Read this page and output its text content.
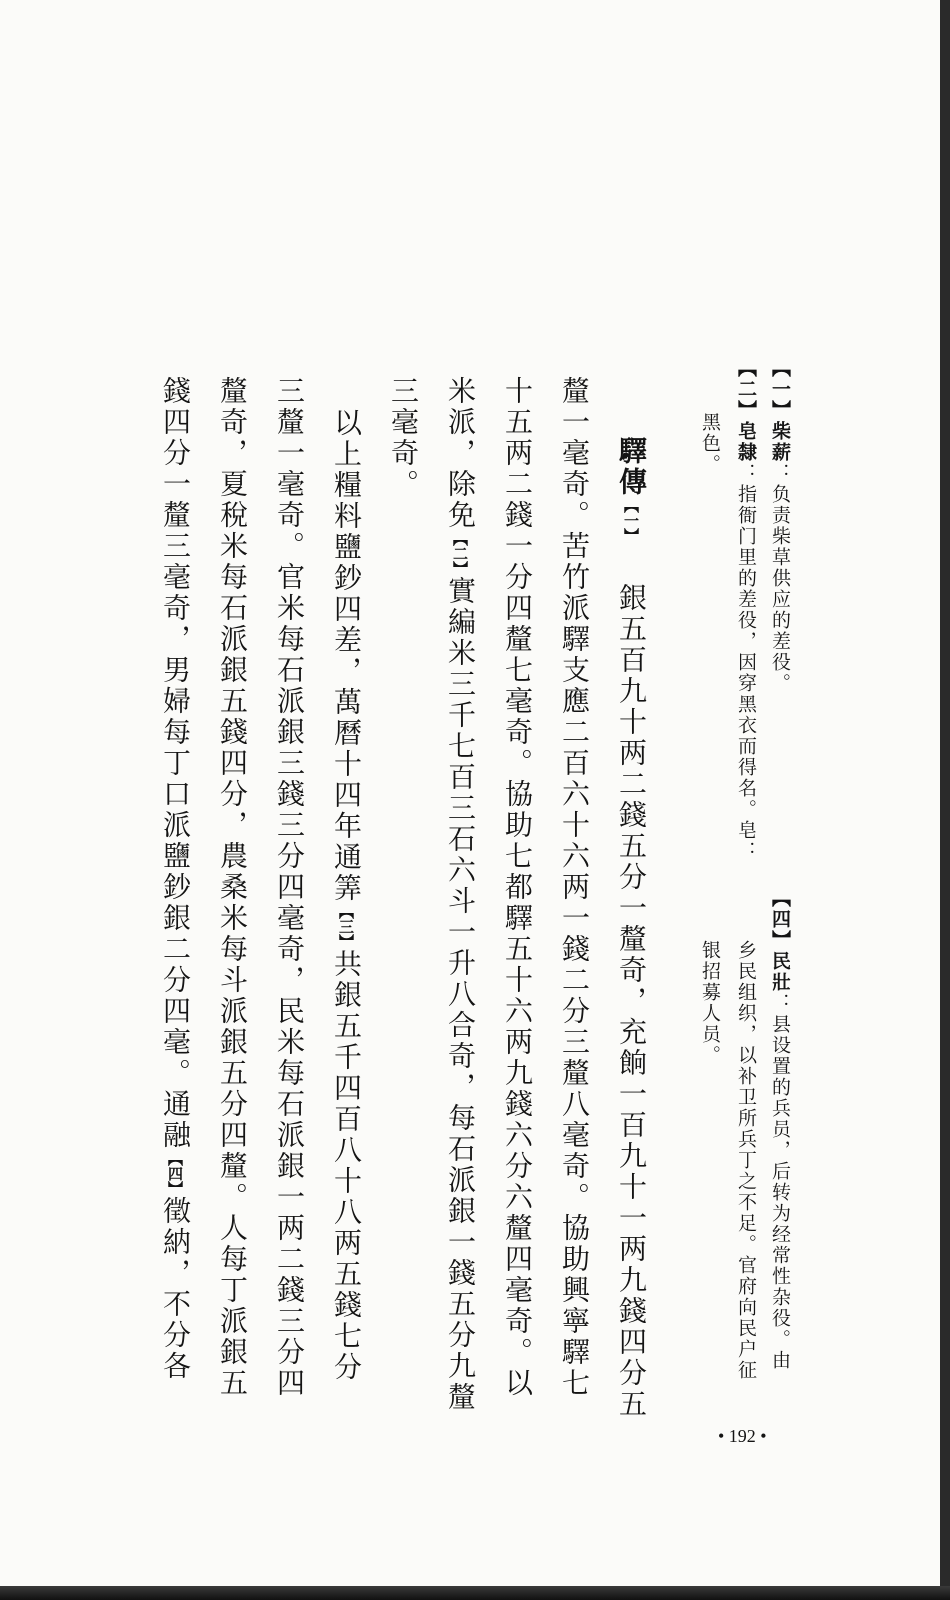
【一】柴薪：负责柴草供应的差役。
【二】皂隸：指衙门里的差役，因穿黑衣而得名。皂：
黑色。
【四】民壯：县设置的兵员，后转为经常性杂役。由
乡民组织，以补卫所兵丁之不足。官府向民户征
银招募人员。
驛傳【一】銀五百九十两二錢五分一釐奇，充餉一百九十一两九錢四分五
釐一毫奇。苦竹派驛支應二百六十六两一錢二分三釐八毫奇。協助興寧驛七
十五两二錢一分四釐七毫奇。協助七都驛五十六两九錢六分六釐四毫奇。以
米派，除免【二】實編米三千七百三石六斗一升八合奇，每石派銀一錢五分九釐
三毫奇。
以上糧料鹽鈔四差，萬曆十四年通筭【三】共銀五千四百八十八两五錢七分
三釐一毫奇。官米每石派銀三錢三分四毫奇，民米每石派銀一两二錢三分四
釐奇，夏稅米每石派銀五錢四分，農桑米每斗派銀五分四釐。人每丁派銀五
錢四分一釐三毫奇，男婦每丁口派鹽鈔銀二分四毫。通融【四】徵納，不分各
• 192 •
